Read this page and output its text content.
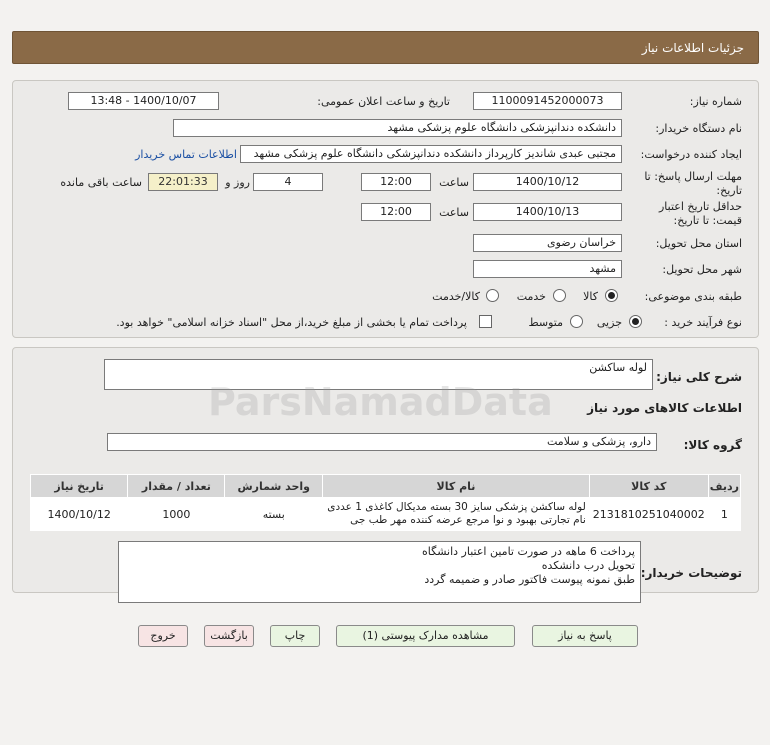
جزئیات اطلاعات نیاز
شماره نیاز:
1100091452000073
تاریخ و ساعت اعلان عمومی:
1400/10/07 - 13:48
نام دستگاه خریدار:
دانشکده دندانپزشکی دانشگاه علوم پزشکی مشهد
ایجاد کننده درخواست:
مجتبی عبدی شاندیز کارپرداز دانشکده دندانپزشکی دانشگاه علوم پزشکی مشهد
اطلاعات تماس خریدار
مهلت ارسال پاسخ: تا
تاریخ:
1400/10/12
ساعت
12:00
4
روز و
22:01:33
ساعت باقی مانده
حداقل تاریخ اعتبار
قیمت: تا تاریخ:
1400/10/13
ساعت
12:00
استان محل تحویل:
خراسان رضوی
شهر محل تحویل:
مشهد
طبقه بندی موضوعی:
کالا
خدمت
کالا/خدمت
نوع فرآیند خرید :
جزیی
متوسط
پرداخت تمام یا بخشی از مبلغ خرید،از محل "اسناد خزانه اسلامی" خواهد بود.
شرح کلی نیاز:
لوله ساکشن
اطلاعات کالاهای مورد نیاز
گروه کالا:
دارو، پزشکی و سلامت
ردیف	کد کالا	نام کالا	واحد شمارش	تعداد / مقدار	تاریخ نیاز
1	2131810251040002	لوله ساکشن پزشکی سایز 30 بسته مدیکال کاغذی 1 عددی نام تجارتی بهبود و نوا مرجع عرضه کننده مهر طب جی	بسته	1000	1400/10/12
توضیحات خریدار:
پرداخت 6 ماهه در صورت تامین اعتبار دانشگاه
تحویل درب دانشکده
طبق نمونه پیوست فاکتور صادر و ضمیمه گردد
پاسخ به نیاز
مشاهده مدارک پیوستی (1)
چاپ
بازگشت
خروج
ParsNamadData
